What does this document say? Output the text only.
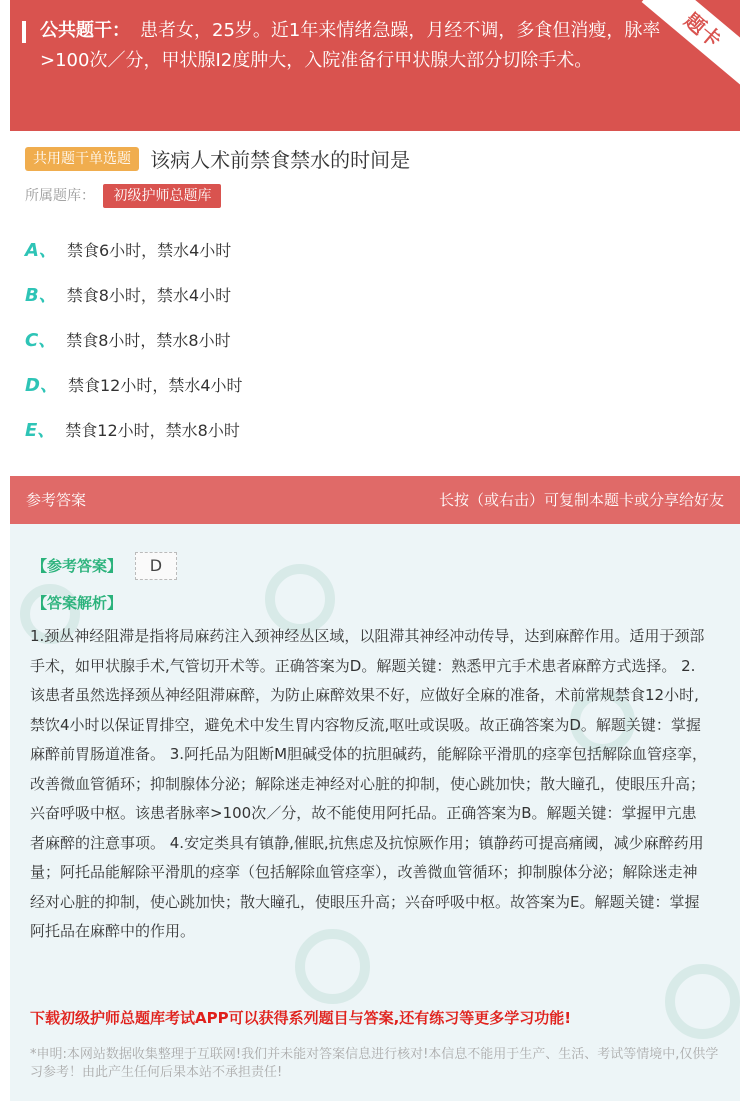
公共题干： 患者女，25岁。近1年来情绪急躁，月经不调，多食但消瘦，脉率>100次／分，甲状腺I2度肿大，入院准备行甲状腺大部分切除手术。
题卡
共用题干单选题 该病人术前禁食禁水的时间是
所属题库： 初级护师总题库
A、 禁食6小时，禁水4小时
B、 禁食8小时，禁水4小时
C、 禁食8小时，禁水8小时
D、 禁食12小时，禁水4小时
E、 禁食12小时，禁水8小时
参考答案	长按（或右击）可复制本题卡或分享给好友
【参考答案】 D
【答案解析】
1.颈丛神经阻滞是指将局麻药注入颈神经丛区域，以阻滞其神经冲动传导，达到麻醉作用。适用于颈部手术，如甲状腺手术,气管切开术等。正确答案为D。解题关键：熟悉甲亢手术患者麻醉方式选择。 2.该患者虽然选择颈丛神经阻滞麻醉，为防止麻醉效果不好，应做好全麻的准备，术前常规禁食12小时,禁饮4小时以保证胃排空，避免术中发生胃内容物反流,呕吐或误吸。故正确答案为D。解题关键：掌握麻醉前胃肠道准备。 3.阿托品为阻断M胆碱受体的抗胆碱药，能解除平滑肌的痉挛包括解除血管痉挛，改善微血管循环；抑制腺体分泌；解除迷走神经对心脏的抑制，使心跳加快；散大瞳孔，使眼压升高；兴奋呼吸中枢。该患者脉率>100次／分，故不能使用阿托品。正确答案为B。解题关键：掌握甲亢患者麻醉的注意事项。 4.安定类具有镇静,催眠,抗焦虑及抗惊厥作用；镇静药可提高痛阈，减少麻醉药用量；阿托品能解除平滑肌的痉挛（包括解除血管痉挛），改善微血管循环；抑制腺体分泌；解除迷走神经对心脏的抑制，使心跳加快；散大瞳孔，使眼压升高；兴奋呼吸中枢。故答案为E。解题关键：掌握阿托品在麻醉中的作用。
下载初级护师总题库考试APP可以获得系列题目与答案,还有练习等更多学习功能!
*申明:本网站数据收集整理于互联网!我们并未能对答案信息进行核对!本信息不能用于生产、生活、考试等情境中,仅供学习参考！由此产生任何后果本站不承担责任!
